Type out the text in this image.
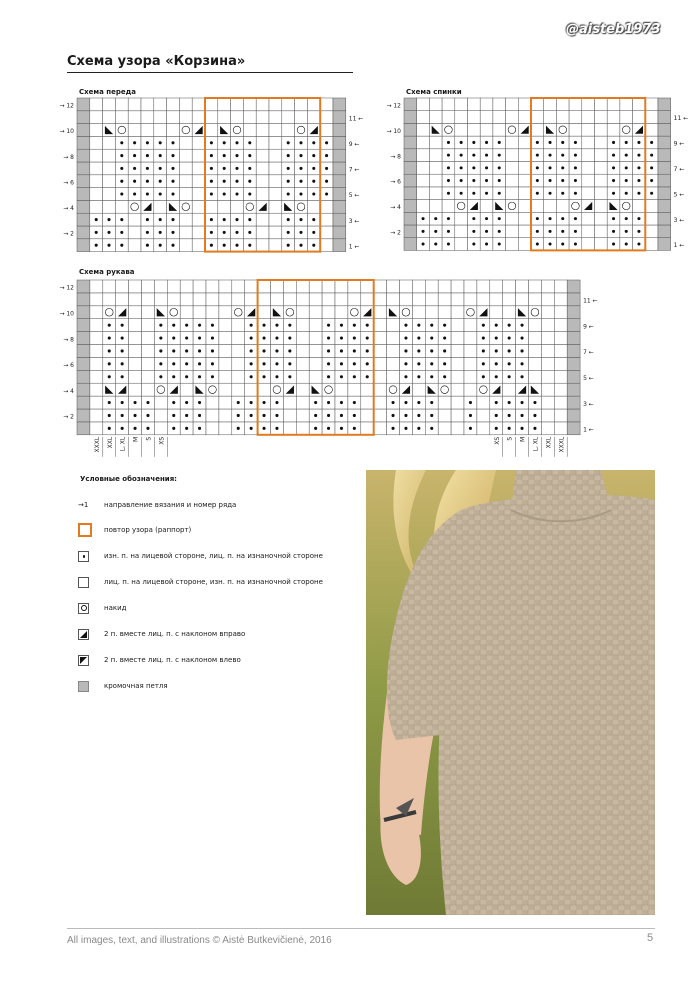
@aisteb1973
Схема узора «Корзина»
Схема переда
→ 12
→ 10
→ 8
→ 6
→ 4
→ 2
11 ←
9 ←
7 ←
5 ←
3 ←
1 ←
Схема спинки
→ 12
→ 10
→ 8
→ 6
→ 4
→ 2
11 ←
9 ←
7 ←
5 ←
3 ←
1 ←
Схема рукава
→ 12
→ 10
→ 8
→ 6
→ 4
→ 2
11 ←
9 ←
7 ←
5 ←
3 ←
1 ←
XXXL XXL L, XL M S XS	XS S M L, XL XXL XXXL
Условные обозначения:
→1 направление вязания и номер ряда
повтор узора (раппорт)
изн. п. на лицевой стороне, лиц. п. на изнаночной стороне
лиц. п. на лицевой стороне, изн. п. на изнаночной стороне
накид
2 п. вместе лиц. п. с наклоном вправо
2 п. вместе лиц. п. с наклоном влево
кромочная петля
All images, text, and illustrations © Aistė Butkevičienė, 2016	5
